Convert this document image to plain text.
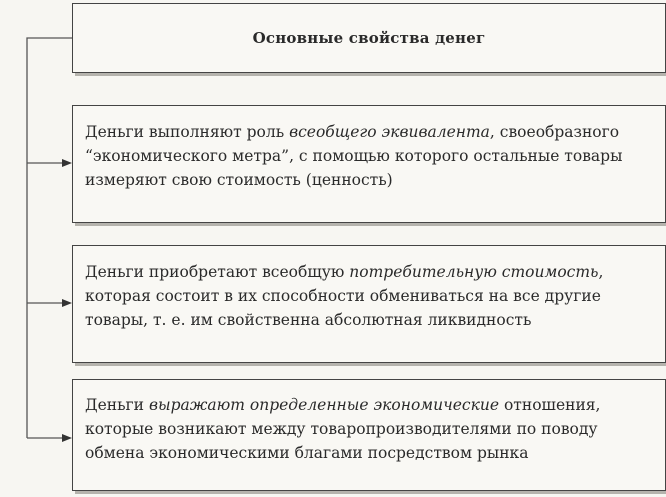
Основные свойства денег

Деньги выполняют роль всеобщего эквивалента, своеобразного “экономического метра”, с помощью которого остальные товары измеряют свою стоимость (ценность)

Деньги приобретают всеобщую потребительную стоимость, которая состоит в их способности обмениваться на все другие товары, т. е. им свойственна абсолютная ликвидность

Деньги выражают определенные экономические отношения, которые возникают между товаропроизводителями по поводу обмена экономическими благами посредством рынка
